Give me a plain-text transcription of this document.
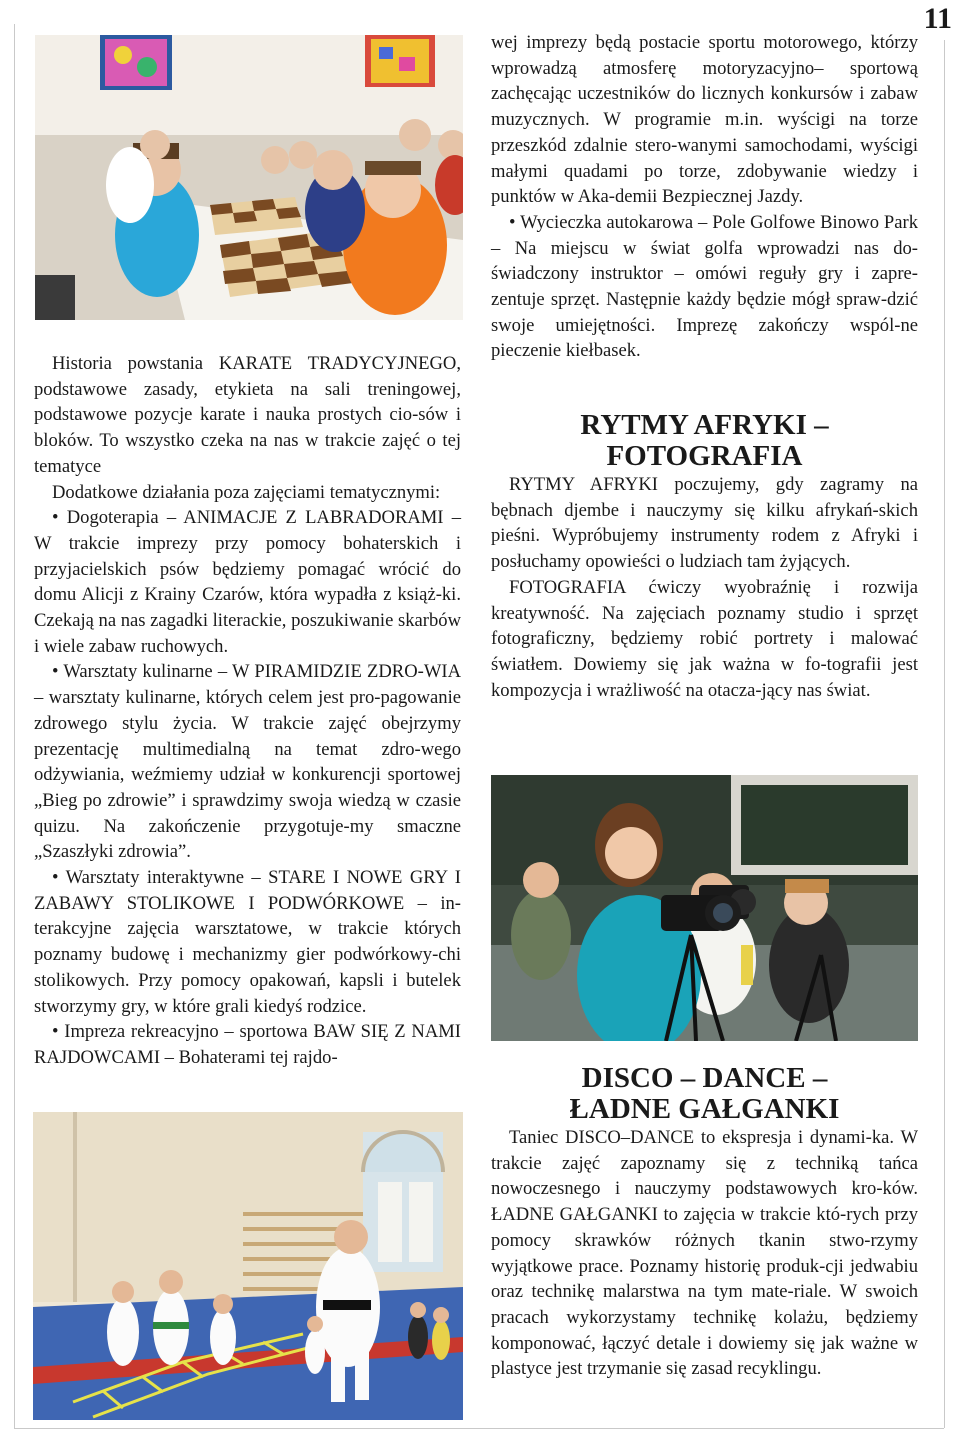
11

Historia powstania KARATE TRADYCYJNEGO, podstawowe zasady, etykieta na sali treningowej, podstawowe pozycje karate i nauka prostych cio-sów i bloków. To wszystko czeka na nas w trakcie zajęć o tej tematyce

Dodatkowe działania poza zajęciami tematycznymi:

• Dogoterapia – ANIMACJE Z LABRADORAMI – W trakcie imprezy przy pomocy bohaterskich i przyjacielskich psów będziemy pomagać wrócić do domu Alicji z Krainy Czarów, która wypadła z książ-ki. Czekają na nas zagadki literackie, poszukiwanie skarbów i wiele zabaw ruchowych.

• Warsztaty kulinarne – W PIRAMIDZIE ZDRO-WIA – warsztaty kulinarne, których celem jest pro-pagowanie zdrowego stylu życia. W trakcie zajęć obejrzymy prezentację multimedialną na temat zdro-wego odżywiania, weźmiemy udział w konkurencji sportowej „Bieg po zdrowie” i sprawdzimy swoja wiedzą w czasie quizu. Na zakończenie przygotuje-my smaczne „Szaszłyki zdrowia”.

• Warsztaty interaktywne – STARE I NOWE GRY I ZABAWY STOLIKOWE I PODWÓRKOWE – in-terakcyjne zajęcia warsztatowe, w trakcie których poznamy budowę i mechanizmy gier podwórkowy-chi stolikowych. Przy pomocy opakowań, kapsli i butelek stworzymy gry, w które grali kiedyś rodzice.

• Impreza rekreacyjno – sportowa BAW SIĘ Z NAMI RAJDOWCAMI – Bohaterami tej rajdo-

wej imprezy będą postacie sportu motorowego, którzy wprowadzą atmosferę motoryzacyjno– sportową zachęcając uczestników do licznych konkursów i zabaw muzycznych. W programie m.in. wyścigi na torze przeszkód zdalnie stero-wanymi samochodami, wyścigi małymi quadami po torze, zdobywanie wiedzy i punktów w Aka-demii Bezpiecznej Jazdy.

• Wycieczka autokarowa – Pole Golfowe Binowo Park – Na miejscu w świat golfa wprowadzi nas do-świadczony instruktor – omówi reguły gry i zapre-zentuje sprzęt. Następnie każdy będzie mógł spraw-dzić swoje umiejętności. Imprezę zakończy wspól-ne pieczenie kiełbasek.

RYTMY AFRYKI –
FOTOGRAFIA

RYTMY AFRYKI poczujemy, gdy zagramy na bębnach djembe i nauczymy się kilku afrykań-skich pieśni. Wypróbujemy instrumenty rodem z Afryki i posłuchamy opowieści o ludziach tam żyjących.

FOTOGRAFIA ćwiczy wyobraźnię i rozwija kreatywność. Na zajęciach poznamy studio i sprzęt fotograficzny, będziemy robić portrety i malować światłem. Dowiemy się jak ważna w fo-tografii jest kompozycja i wrażliwość na otacza-jący nas świat.

DISCO – DANCE –
ŁADNE GAŁGANKI

Taniec DISCO–DANCE to ekspresja i dynami-ka. W trakcie zajęć zapoznamy się z techniką tańca nowoczesnego i nauczymy podstawowych kro-ków. ŁADNE GAŁGANKI to zajęcia w trakcie któ-rych przy pomocy skrawków różnych tkanin stwo-rzymy wyjątkowe prace. Poznamy historię produk-cji jedwabiu oraz technikę malarstwa na tym mate-riale. W swoich pracach wykorzystamy technikę kolażu, będziemy komponować, łączyć detale i dowiemy się jak ważne w plastyce jest trzymanie się zasad recyklingu.
